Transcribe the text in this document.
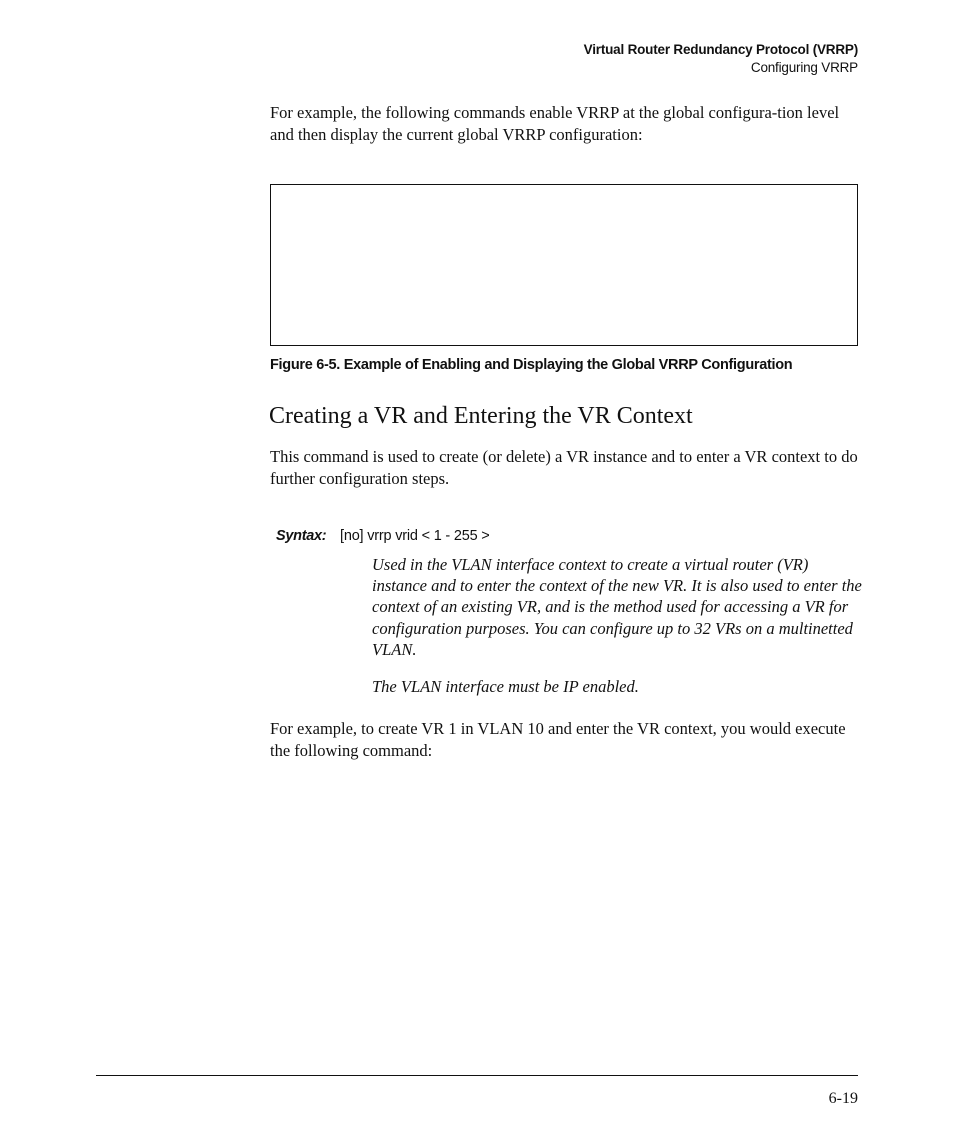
Virtual Router Redundancy Protocol (VRRP)
Configuring VRRP

For example, the following commands enable VRRP at the global configura-tion level and then display the current global VRRP configuration:

Figure 6-5. Example of Enabling and Displaying the Global VRRP Configuration

Creating a VR and Entering the VR Context

This command is used to create (or delete) a VR instance and to enter a VR context to do further configuration steps.

Syntax: [no] vrrp vrid < 1 - 255 >

Used in the VLAN interface context to create a virtual router (VR) instance and to enter the context of the new VR. It is also used to enter the context of an existing VR, and is the method used for accessing a VR for configuration purposes. You can configure up to 32 VRs on a multinetted VLAN.

The VLAN interface must be IP enabled.

For example, to create VR 1 in VLAN 10 and enter the VR context, you would execute the following command:

6-19
